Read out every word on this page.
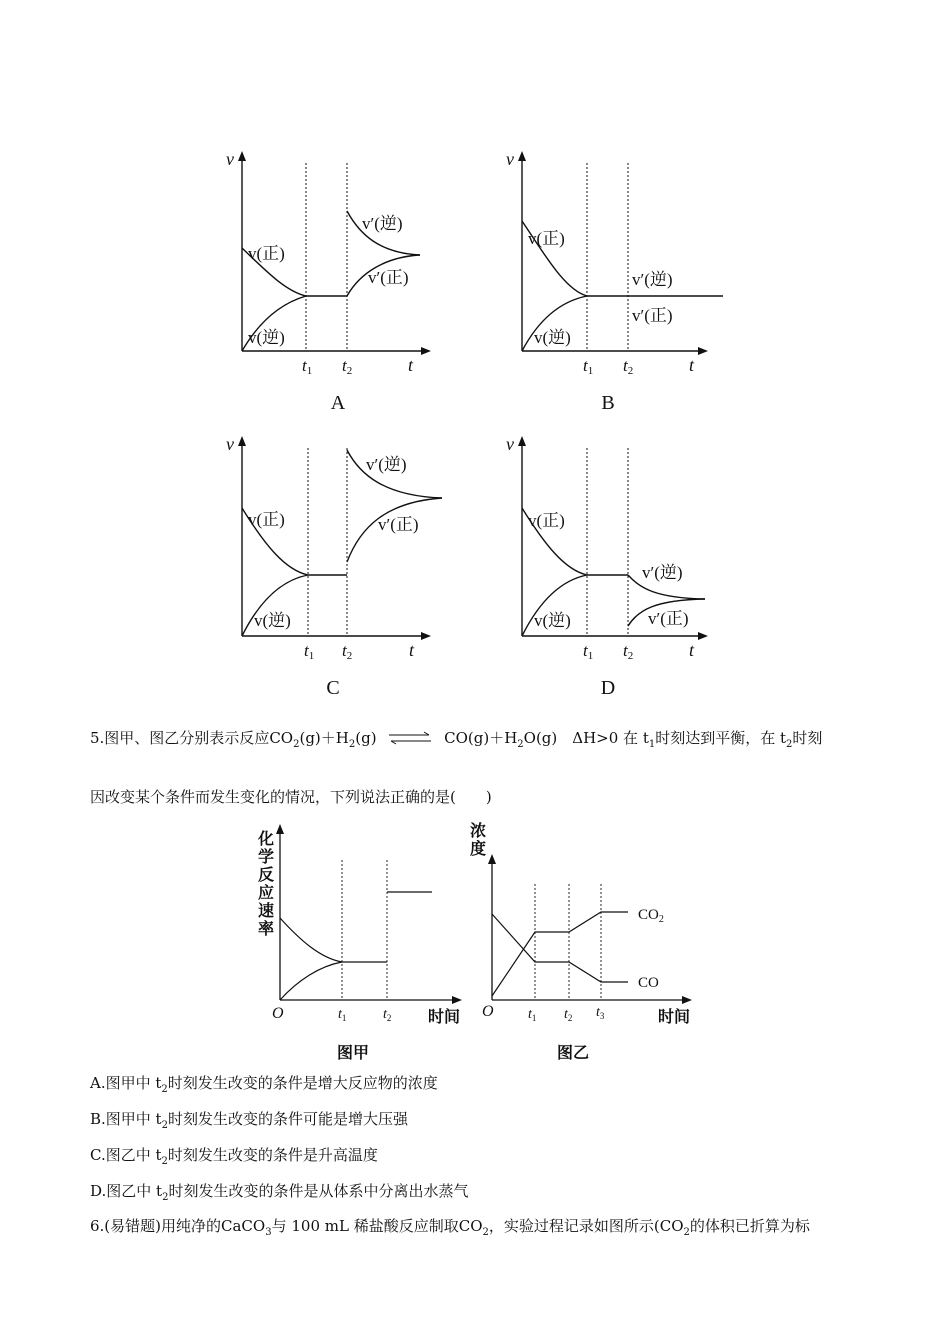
v
t
t1 t2
v(正)
v(逆)
v′(逆)
v′(正)
A
v
t
t1 t2
v(正)
v(逆)
v′(逆)
v′(正)
B
v
t
t1 t2
v(正)
v(逆)
v′(逆)
v′(正)
C
v
t
t1 t2
v(正)
v(逆)
v′(逆)
v′(正)
D
5.图甲、图乙分别表示反应$CO_2(g)+H_2(g)$ ⇌ $CO(g)+H_2O(g)$　ΔH>0 在 $t_1$时刻达到平衡，在 $t_2$时刻
因改变某个条件而发生变化的情况，下列说法正确的是(　　)
化
学
反
应
速
率
O	$t_1$	$t_2$ 时间
图甲
浓
度
O $t_1$ $t_2$ $t_3$
$CO_2$
CO
时间
图乙
A.图甲中 $t_2$时刻发生改变的条件是增大反应物的浓度
B.图甲中 $t_2$时刻发生改变的条件可能是增大压强
C.图乙中 $t_2$时刻发生改变的条件是升高温度
D.图乙中 $t_2$时刻发生改变的条件是从体系中分离出水蒸气
6.(易错题)用纯净的CaCO$_3$与 100 mL 稀盐酸反应制取$CO_2$，实验过程记录如图所示($CO_2$的体积已折算为标
